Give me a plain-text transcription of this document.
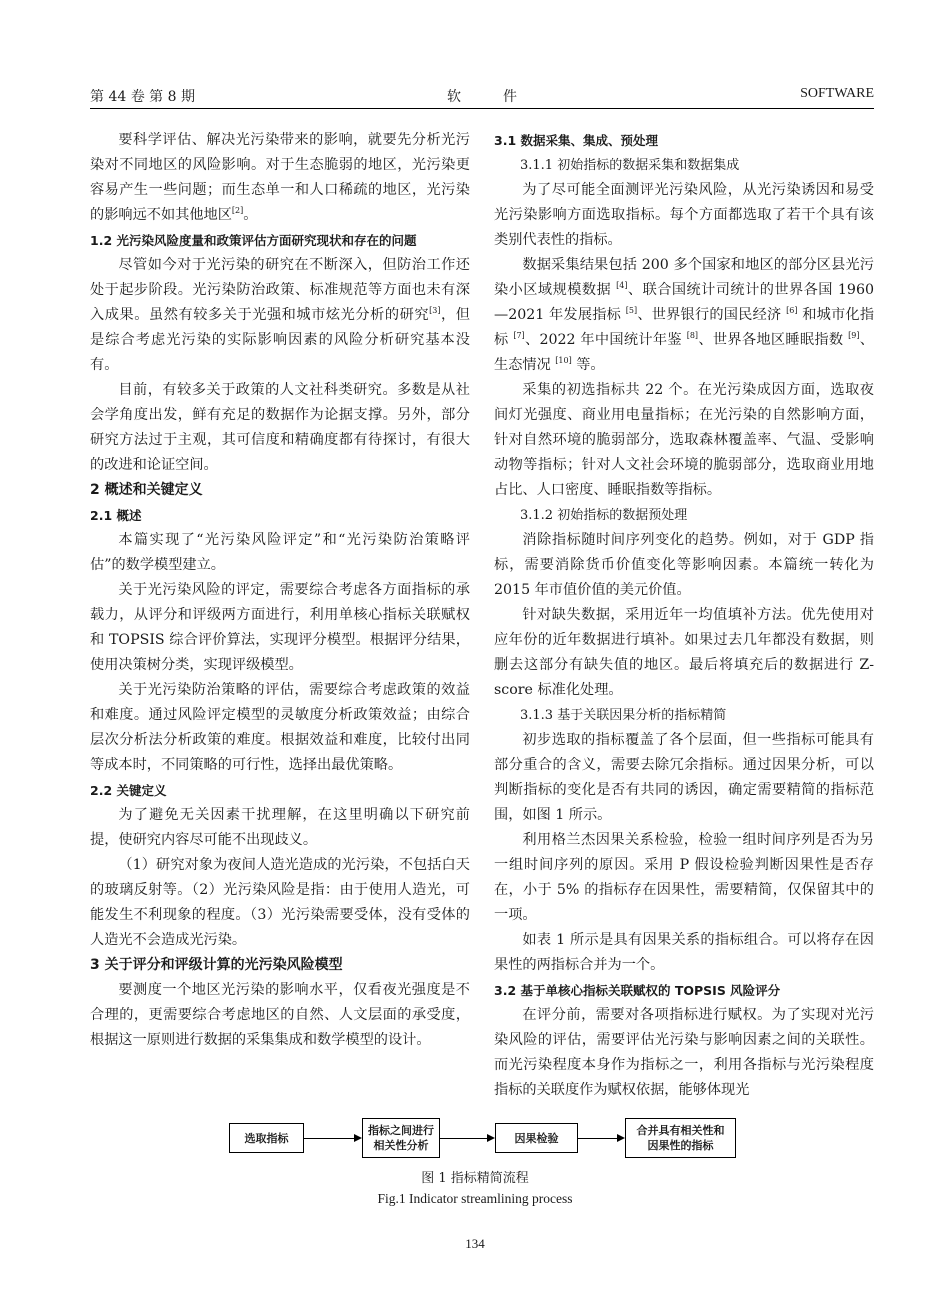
第 44 卷 第 8 期	软件	SOFTWARE

要科学评估、解决光污染带来的影响，就要先分析光污染对不同地区的风险影响。对于生态脆弱的地区，光污染更容易产生一些问题；而生态单一和人口稀疏的地区，光污染的影响远不如其他地区[2]。

1.2 光污染风险度量和政策评估方面研究现状和存在的问题

尽管如今对于光污染的研究在不断深入，但防治工作还处于起步阶段。光污染防治政策、标准规范等方面也未有深入成果。虽然有较多关于光强和城市炫光分析的研究[3]，但是综合考虑光污染的实际影响因素的风险分析研究基本没有。

目前，有较多关于政策的人文社科类研究。多数是从社会学角度出发，鲜有充足的数据作为论据支撑。另外，部分研究方法过于主观，其可信度和精确度都有待探讨，有很大的改进和论证空间。

2 概述和关键定义

2.1 概述

本篇实现了“光污染风险评定”和“光污染防治策略评估”的数学模型建立。

关于光污染风险的评定，需要综合考虑各方面指标的承载力，从评分和评级两方面进行，利用单核心指标关联赋权和 TOPSIS 综合评价算法，实现评分模型。根据评分结果，使用决策树分类，实现评级模型。

关于光污染防治策略的评估，需要综合考虑政策的效益和难度。通过风险评定模型的灵敏度分析政策效益；由综合层次分析法分析政策的难度。根据效益和难度，比较付出同等成本时，不同策略的可行性，选择出最优策略。

2.2 关键定义

为了避免无关因素干扰理解，在这里明确以下研究前提，使研究内容尽可能不出现歧义。

（1）研究对象为夜间人造光造成的光污染，不包括白天的玻璃反射等。（2）光污染风险是指：由于使用人造光，可能发生不利现象的程度。（3）光污染需要受体，没有受体的人造光不会造成光污染。

3 关于评分和评级计算的光污染风险模型

要测度一个地区光污染的影响水平，仅看夜光强度是不合理的，更需要综合考虑地区的自然、人文层面的承受度，根据这一原则进行数据的采集集成和数学模型的设计。

3.1 数据采集、集成、预处理

3.1.1 初始指标的数据采集和数据集成

为了尽可能全面测评光污染风险，从光污染诱因和易受光污染影响方面选取指标。每个方面都选取了若干个具有该类别代表性的指标。

数据采集结果包括 200 多个国家和地区的部分区县光污染小区域规模数据 [4]、联合国统计司统计的世界各国 1960—2021 年发展指标 [5]、世界银行的国民经济 [6] 和城市化指标 [7]、2022 年中国统计年鉴 [8]、世界各地区睡眠指数 [9]、生态情况 [10] 等。

采集的初选指标共 22 个。在光污染成因方面，选取夜间灯光强度、商业用电量指标；在光污染的自然影响方面，针对自然环境的脆弱部分，选取森林覆盖率、气温、受影响动物等指标；针对人文社会环境的脆弱部分，选取商业用地占比、人口密度、睡眠指数等指标。

3.1.2 初始指标的数据预处理

消除指标随时间序列变化的趋势。例如，对于 GDP 指标，需要消除货币价值变化等影响因素。本篇统一转化为 2015 年市值价值的美元价值。

针对缺失数据，采用近年一均值填补方法。优先使用对应年份的近年数据进行填补。如果过去几年都没有数据，则删去这部分有缺失值的地区。最后将填充后的数据进行 Z-score 标准化处理。

3.1.3 基于关联因果分析的指标精简

初步选取的指标覆盖了各个层面，但一些指标可能具有部分重合的含义，需要去除冗余指标。通过因果分析，可以判断指标的变化是否有共同的诱因，确定需要精简的指标范围，如图 1 所示。

利用格兰杰因果关系检验，检验一组时间序列是否为另一组时间序列的原因。采用 P 假设检验判断因果性是否存在，小于 5% 的指标存在因果性，需要精简，仅保留其中的一项。

如表 1 所示是具有因果关系的指标组合。可以将存在因果性的两指标合并为一个。

3.2 基于单核心指标关联赋权的 TOPSIS 风险评分

在评分前，需要对各项指标进行赋权。为了实现对光污染风险的评估，需要评估光污染与影响因素之间的关联性。而光污染程度本身作为指标之一，利用各指标与光污染程度指标的关联度作为赋权依据，能够体现光

选取指标
指标之间进行相关性分析
因果检验
合并具有相关性和因果性的指标
图 1 指标精简流程
Fig.1 Indicator streamlining process
134
